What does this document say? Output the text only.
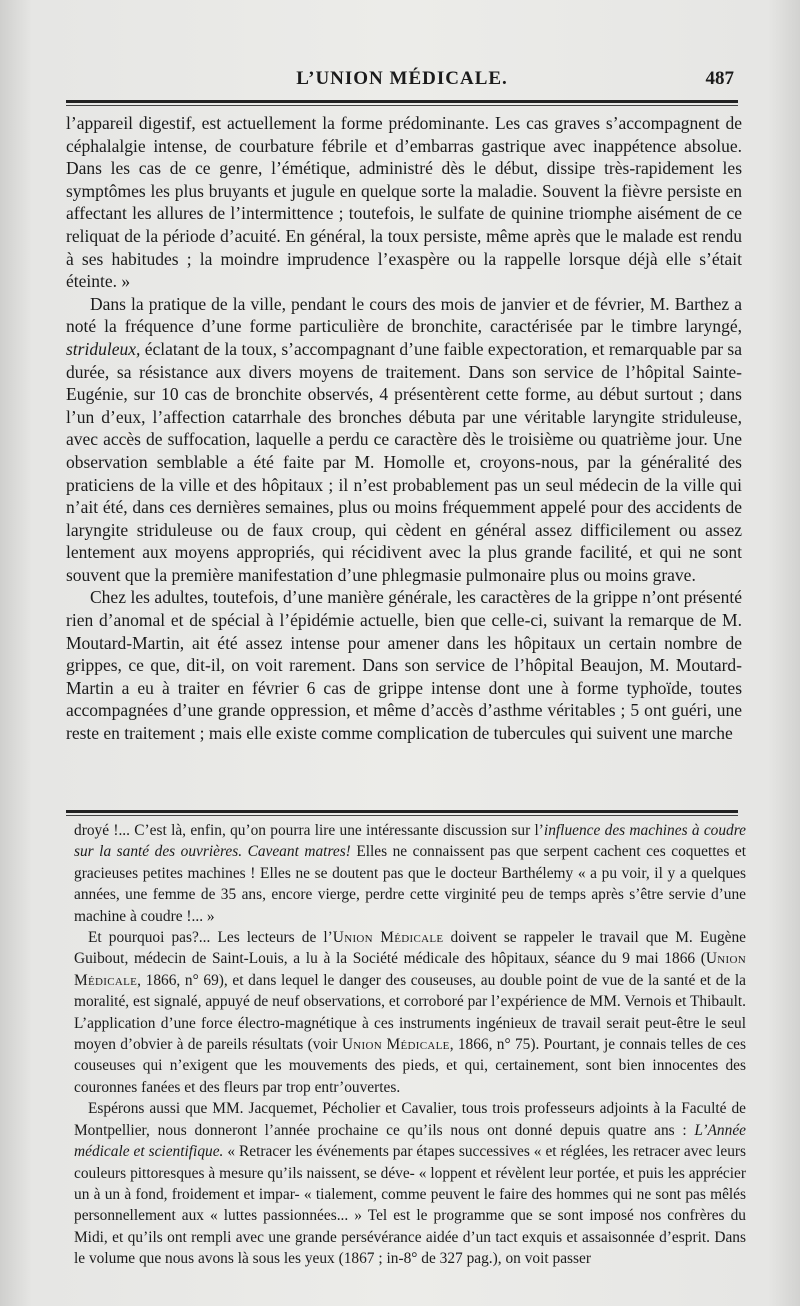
L’UNION MÉDICALE.	487

l’appareil digestif, est actuellement la forme prédominante. Les cas graves s’accompagnent de céphalalgie intense, de courbature fébrile et d’embarras gastrique avec inappétence absolue. Dans les cas de ce genre, l’émétique, administré dès le début, dissipe très-rapidement les symptômes les plus bruyants et jugule en quelque sorte la maladie. Souvent la fièvre persiste en affectant les allures de l’intermittence ; toutefois, le sulfate de quinine triomphe aisément de ce reliquat de la période d’acuité. En général, la toux persiste, même après que le malade est rendu à ses habitudes ; la moindre imprudence l’exaspère ou la rappelle lorsque déjà elle s’était éteinte. »

Dans la pratique de la ville, pendant le cours des mois de janvier et de février, M. Barthez a noté la fréquence d’une forme particulière de bronchite, caractérisée par le timbre laryngé, striduleux, éclatant de la toux, s’accompagnant d’une faible expectoration, et remarquable par sa durée, sa résistance aux divers moyens de traitement. Dans son service de l’hôpital Sainte-Eugénie, sur 10 cas de bronchite observés, 4 présentèrent cette forme, au début surtout ; dans l’un d’eux, l’affection catarrhale des bronches débuta par une véritable laryngite striduleuse, avec accès de suffocation, laquelle a perdu ce caractère dès le troisième ou quatrième jour. Une observation semblable a été faite par M. Homolle et, croyons-nous, par la généralité des praticiens de la ville et des hôpitaux ; il n’est probablement pas un seul médecin de la ville qui n’ait été, dans ces dernières semaines, plus ou moins fréquemment appelé pour des accidents de laryngite striduleuse ou de faux croup, qui cèdent en général assez difficilement ou assez lentement aux moyens appropriés, qui récidivent avec la plus grande facilité, et qui ne sont souvent que la première manifestation d’une phlegmasie pulmonaire plus ou moins grave.

Chez les adultes, toutefois, d’une manière générale, les caractères de la grippe n’ont présenté rien d’anomal et de spécial à l’épidémie actuelle, bien que celle-ci, suivant la remarque de M. Moutard-Martin, ait été assez intense pour amener dans les hôpitaux un certain nombre de grippes, ce que, dit-il, on voit rarement. Dans son service de l’hôpital Beaujon, M. Moutard-Martin a eu à traiter en février 6 cas de grippe intense dont une à forme typhoïde, toutes accompagnées d’une grande oppression, et même d’accès d’asthme véritables ; 5 ont guéri, une reste en traitement ; mais elle existe comme complication de tubercules qui suivent une marche

droyé !... C’est là, enfin, qu’on pourra lire une intéressante discussion sur l’influence des machines à coudre sur la santé des ouvrières. Caveant matres! Elles ne connaissent pas que serpent cachent ces coquettes et gracieuses petites machines ! Elles ne se doutent pas que le docteur Barthélemy « a pu voir, il y a quelques années, une femme de 35 ans, encore vierge, perdre cette virginité peu de temps après s’être servie d’une machine à coudre !... »

Et pourquoi pas?... Les lecteurs de l’Union Médicale doivent se rappeler le travail que M. Eugène Guibout, médecin de Saint-Louis, a lu à la Société médicale des hôpitaux, séance du 9 mai 1866 (Union Médicale, 1866, n° 69), et dans lequel le danger des couseuses, au double point de vue de la santé et de la moralité, est signalé, appuyé de neuf observations, et corroboré par l’expérience de MM. Vernois et Thibault. L’application d’une force électro-magnétique à ces instruments ingénieux de travail serait peut-être le seul moyen d’obvier à de pareils résultats (voir Union Médicale, 1866, n° 75). Pourtant, je connais telles de ces couseuses qui n’exigent que les mouvements des pieds, et qui, certainement, sont bien innocentes des couronnes fanées et des fleurs par trop entr’ouvertes.

Espérons aussi que MM. Jacquemet, Pécholier et Cavalier, tous trois professeurs adjoints à la Faculté de Montpellier, nous donneront l’année prochaine ce qu’ils nous ont donné depuis quatre ans : L’Année médicale et scientifique. « Retracer les événements par étapes successives « et réglées, les retracer avec leurs couleurs pittoresques à mesure qu’ils naissent, se déve- « loppent et révèlent leur portée, et puis les apprécier un à un à fond, froidement et impar- « tialement, comme peuvent le faire des hommes qui ne sont pas mêlés personnellement aux « luttes passionnées... » Tel est le programme que se sont imposé nos confrères du Midi, et qu’ils ont rempli avec une grande persévérance aidée d’un tact exquis et assaisonnée d’esprit. Dans le volume que nous avons là sous les yeux (1867 ; in-8° de 327 pag.), on voit passer
